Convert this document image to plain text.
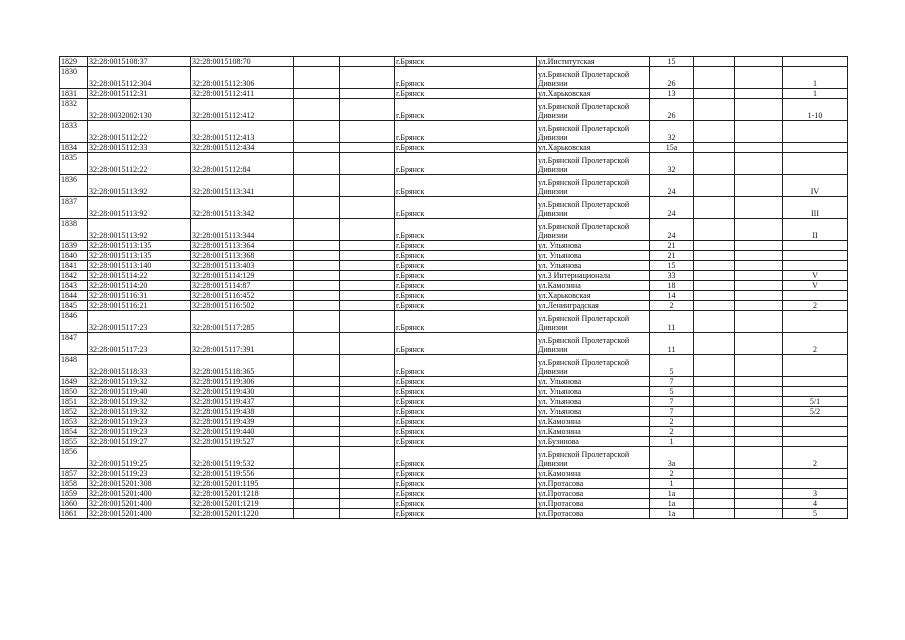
1829	32:28:0015108:37	32:28:0015108:70			г.Брянск	ул.Институтская	15			
1830	32:28:0015112:304	32:28:0015112:306			г.Брянск	ул.Брянской Пролетарской Дивизии	26			1
1831	32:28:0015112:31	32:28:0015112:411			г.Брянск	ул.Харьковская	13			1
1832	32:28:0032002:130	32:28:0015112:412			г.Брянск	ул.Брянской Пролетарской Дивизии	26			1-10
1833	32:28:0015112:22	32:28:0015112:413			г.Брянск	ул.Брянской Пролетарской Дивизии	32			
1834	32:28:0015112:33	32:28:0015112:434			г.Брянск	ул.Харьковская	15а			
1835	32:28:0015112:22	32:28:0015112:84			г.Брянск	ул.Брянской Пролетарской Дивизии	32			
1836	32:28:0015113:92	32:28:0015113:341			г.Брянск	ул.Брянской Пролетарской Дивизии	24			IV
1837	32:28:0015113:92	32:28:0015113:342			г.Брянск	ул.Брянской Пролетарской Дивизии	24			III
1838	32:28:0015113:92	32:28:0015113:344			г.Брянск	ул.Брянской Пролетарской Дивизии	24			II
1839	32:28:0015113:135	32:28:0015113:364			г.Брянск	ул. Ульянова	21			
1840	32:28:0015113:135	32:28:0015113:368			г.Брянск	ул. Ульянова	21			
1841	32:28:0015113:140	32:28:0015113:403			г.Брянск	ул. Ульянова	15			
1842	32:28:0015114:22	32:28:0015114:129			г.Брянск	ул.3 Интернационала	33			V
1843	32:28:0015114:20	32:28:0015114:87			г.Брянск	ул.Камозина	18			V
1844	32:28:0015116:31	32:28:0015116:452			г.Брянск	ул.Харьковская	14			
1845	32:28:0015116:21	32:28:0015116:502			г.Брянск	ул.Ленинградская	2			2
1846	32:28:0015117:23	32:28:0015117:285			г.Брянск	ул.Брянской Пролетарской Дивизии	11			
1847	32:28:0015117:23	32:28:0015117:391			г.Брянск	ул.Брянской Пролетарской Дивизии	11			2
1848	32:28:0015118:33	32:28:0015118:365			г.Брянск	ул.Брянской Пролетарской Дивизии	5			
1849	32:28:0015119:32	32:28:0015119:306			г.Брянск	ул. Ульянова	7			
1850	32:28:0015119:40	32:28:0015119:430			г.Брянск	ул. Ульянова	5			
1851	32:28:0015119:32	32:28:0015119:437			г.Брянск	ул. Ульянова	7			5/1
1852	32:28:0015119:32	32:28:0015119:438			г.Брянск	ул. Ульянова	7			5/2
1853	32:28:0015119:23	32:28:0015119:439			г.Брянск	ул.Камозина	2			
1854	32:28:0015119:23	32:28:0015119:440			г.Брянск	ул.Камозина	2			
1855	32:28:0015119:27	32:28:0015119:527			г.Брянск	ул.Бузинова	1			
1856	32:28:0015119:25	32:28:0015119:532			г.Брянск	ул.Брянской Пролетарской Дивизии	3а			2
1857	32:28:0015119:23	32:28:0015119:556			г.Брянск	ул.Камозина	2			
1858	32:28:0015201:308	32:28:0015201:1195			г.Брянск	ул.Протасова	1			
1859	32:28:0015201:400	32:28:0015201:1218			г.Брянск	ул.Протасова	1а			3
1860	32:28:0015201:400	32:28:0015201:1219			г.Брянск	ул.Протасова	1а			4
1861	32:28:0015201:400	32:28:0015201:1220			г.Брянск	ул.Протасова	1а			5
